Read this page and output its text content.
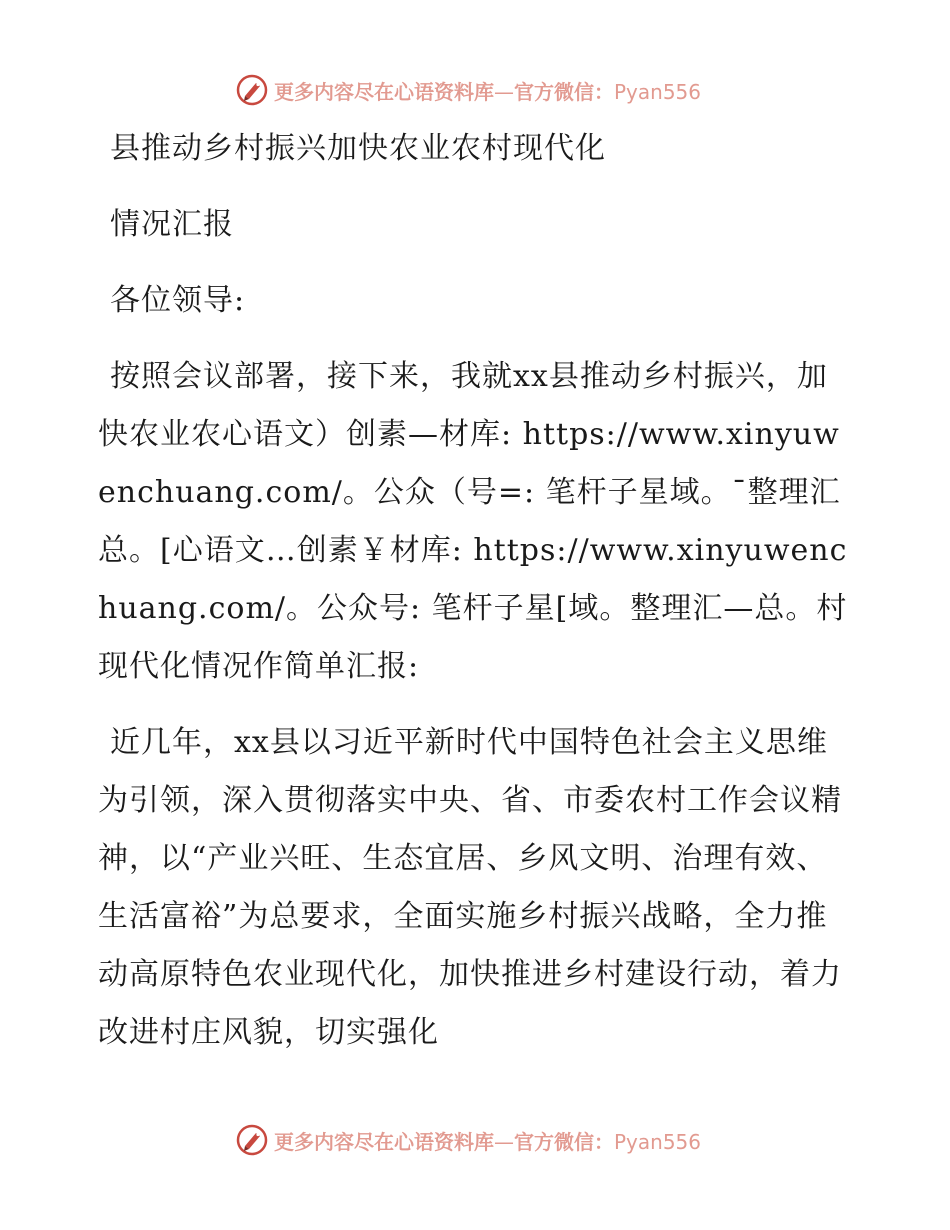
更多内容尽在心语资料库—官方微信：Pyan556

县推动乡村振兴加快农业农村现代化

情况汇报

各位领导:

按照会议部署，接下来，我就xx县推动乡村振兴，加快农业农心语文）创素—材库: https://www.xinyuwenchuang.com/。公众（号=: 笔杆子星域。¯整理汇总。[心语文…创素￥材库: https://www.xinyuwenchuang.com/。公众号: 笔杆子星[域。整理汇—总。村现代化情况作简单汇报:

近几年，xx县以习近平新时代中国特色社会主义思维为引领，深入贯彻落实中央、省、市委农村工作会议精神，以“产业兴旺、生态宜居、乡风文明、治理有效、生活富裕”为总要求，全面实施乡村振兴战略，全力推动高原特色农业现代化，加快推进乡村建设行动，着力改进村庄风貌，切实强化

更多内容尽在心语资料库—官方微信：Pyan556
